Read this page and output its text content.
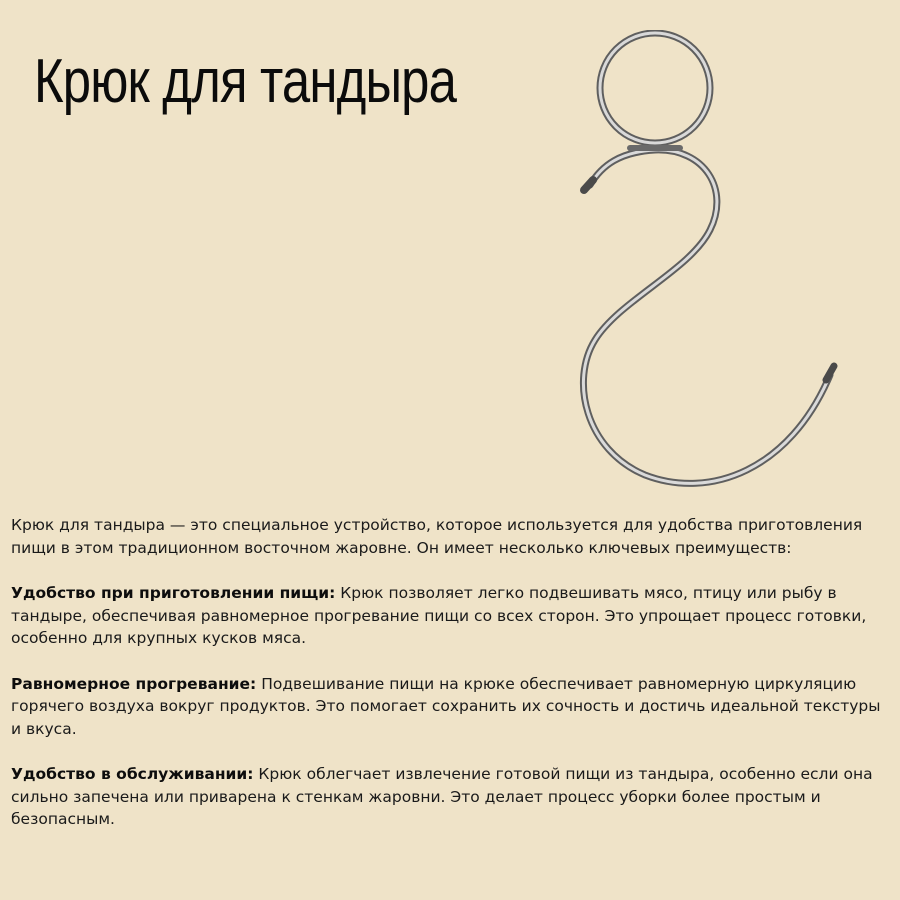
Крюк для тандыра

Крюк для тандыра — это специальное устройство, которое используется для удобства приготовления пищи в этом традиционном восточном жаровне. Он имеет несколько ключевых преимуществ:

Удобство при приготовлении пищи: Крюк позволяет легко подвешивать мясо, птицу или рыбу в тандыре, обеспечивая равномерное прогревание пищи со всех сторон. Это упрощает процесс готовки, особенно для крупных кусков мяса.

Равномерное прогревание: Подвешивание пищи на крюке обеспечивает равномерную циркуляцию горячего воздуха вокруг продуктов. Это помогает сохранить их сочность и достичь идеальной текстуры и вкуса.

Удобство в обслуживании: Крюк облегчает извлечение готовой пищи из тандыра, особенно если она сильно запечена или приварена к стенкам жаровни. Это делает процесс уборки более простым и безопасным.
